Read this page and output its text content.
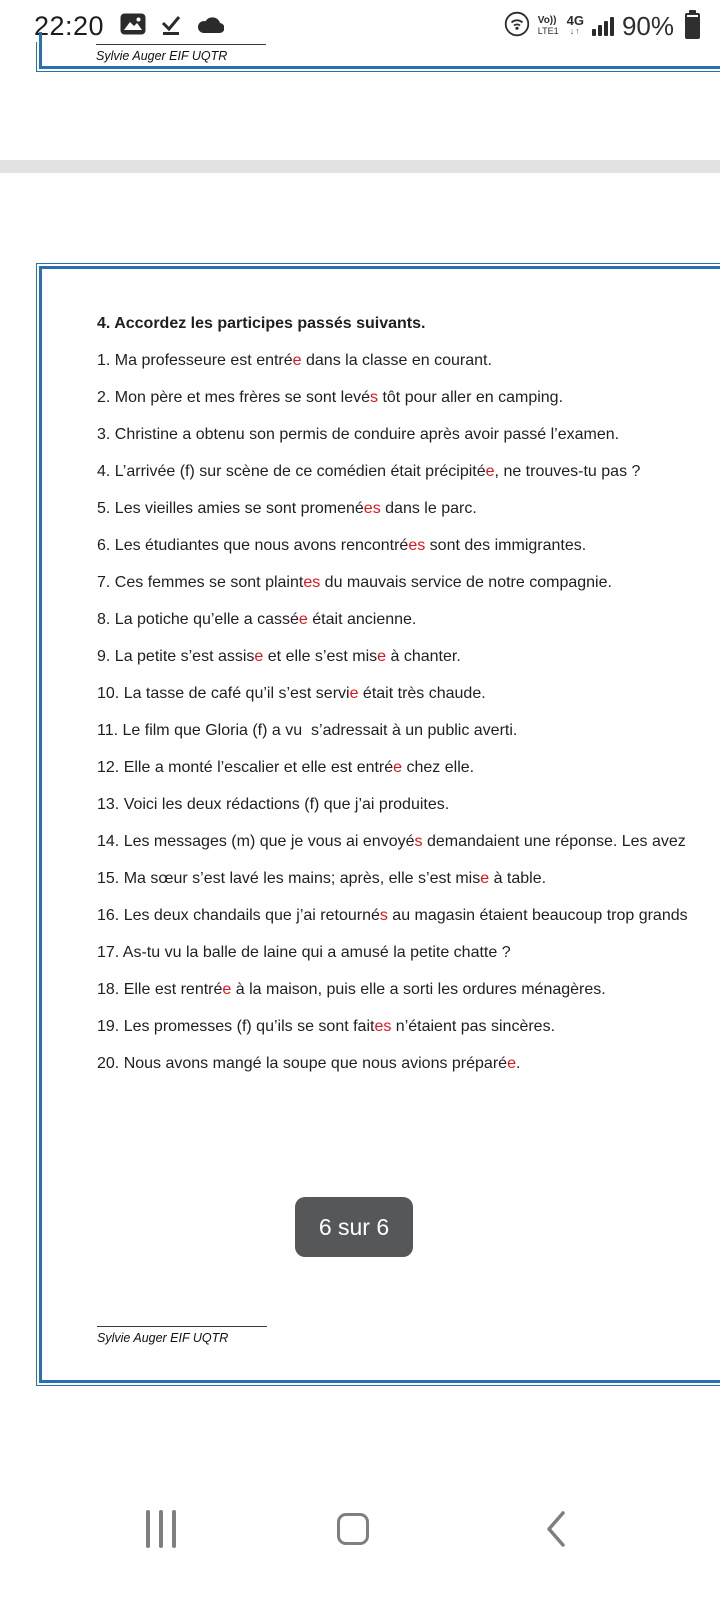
22:20	Vo))
LTE1
4G
↓↑ 90%
Sylvie Auger EIF UQTR
4. Accordez les participes passés suivants.
1. Ma professeure est entrée dans la classe en courant.
2. Mon père et mes frères se sont levés tôt pour aller en camping.
3. Christine a obtenu son permis de conduire après avoir passé l’examen.
4. L’arrivée (f) sur scène de ce comédien était précipitée, ne trouves-tu pas ?
5. Les vieilles amies se sont promenées dans le parc.
6. Les étudiantes que nous avons rencontrées sont des immigrantes.
7. Ces femmes se sont plaintes du mauvais service de notre compagnie.
8. La potiche qu’elle a cassée était ancienne.
9. La petite s’est assise et elle s’est mise à chanter.
10. La tasse de café qu’il s’est servie était très chaude.
11. Le film que Gloria (f) a vu  s’adressait à un public averti.
12. Elle a monté l’escalier et elle est entrée chez elle.
13. Voici les deux rédactions (f) que j’ai produites.
14. Les messages (m) que je vous ai envoyés demandaient une réponse. Les avez
15. Ma sœur s’est lavé les mains; après, elle s’est mise à table.
16. Les deux chandails que j’ai retournés au magasin étaient beaucoup trop grands
17. As-tu vu la balle de laine qui a amusé la petite chatte ?
18. Elle est rentrée à la maison, puis elle a sorti les ordures ménagères.
19. Les promesses (f) qu’ils se sont faites n’étaient pas sincères.
20. Nous avons mangé la soupe que nous avions préparée.
6 sur 6
Sylvie Auger EIF UQTR
